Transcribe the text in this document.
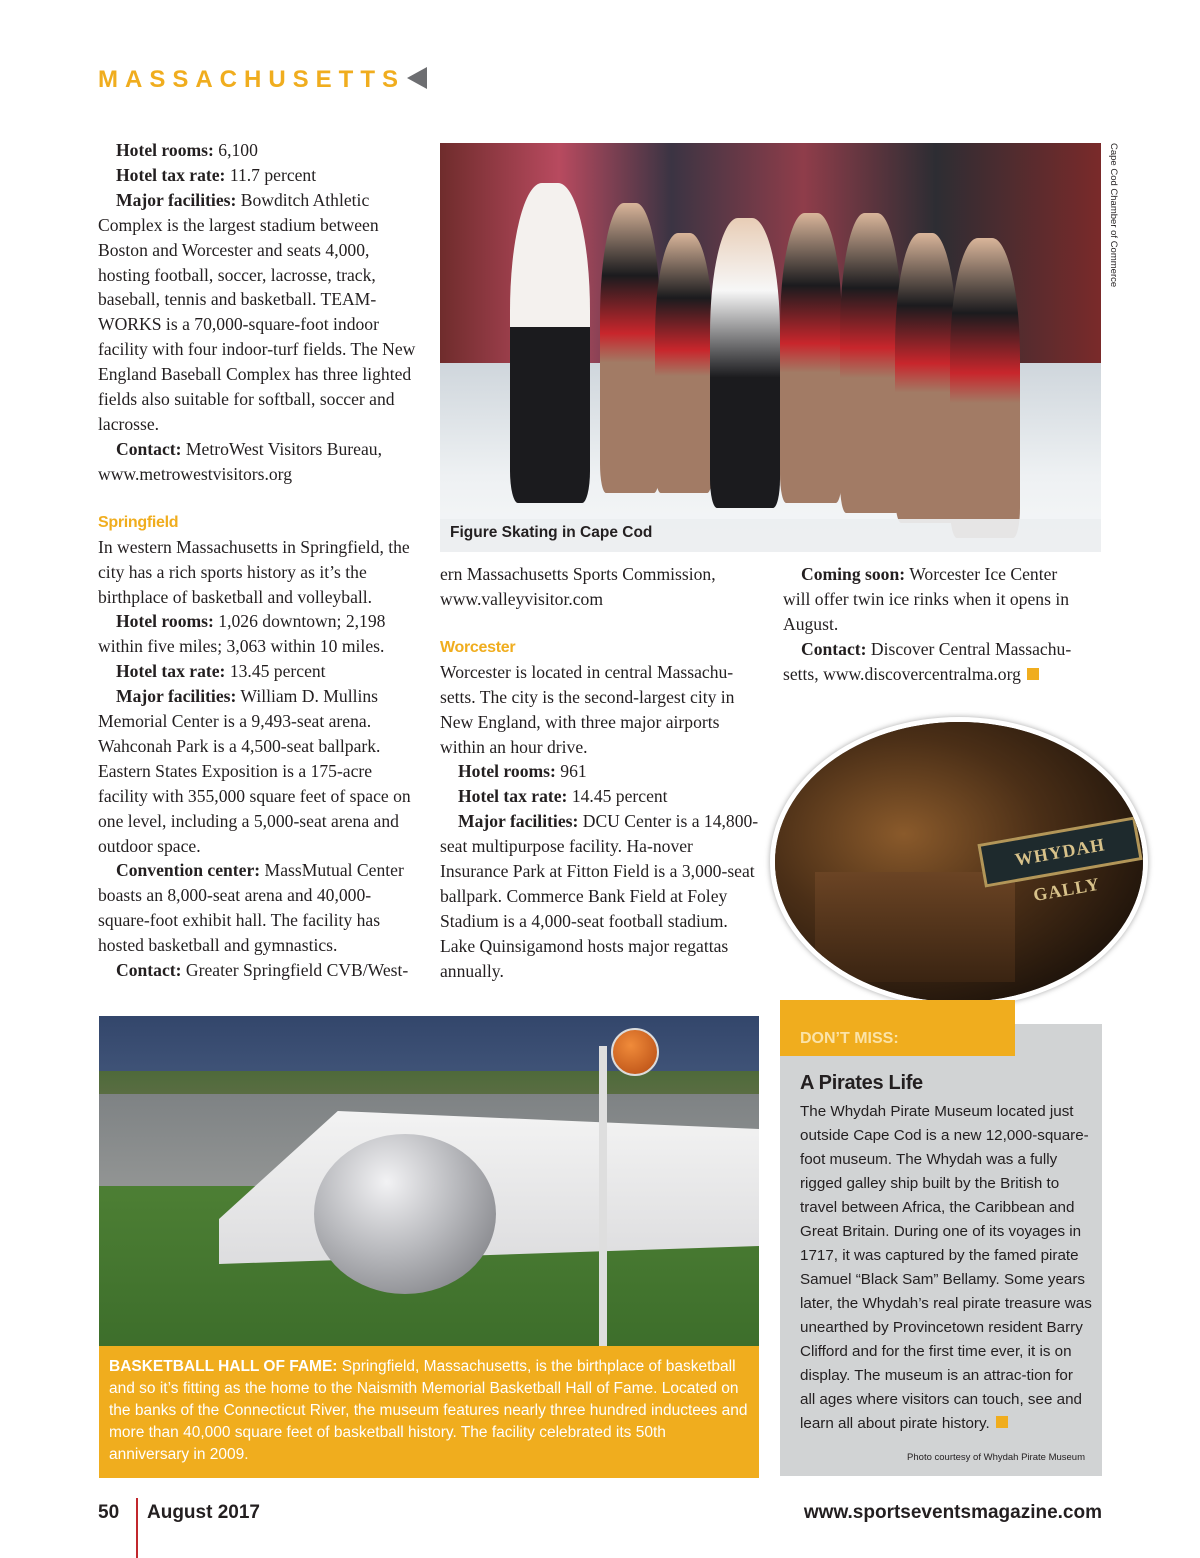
MASSACHUSETTS

Hotel rooms: 6,100

Hotel tax rate: 11.7 percent

Major facilities: Bowditch Athletic Complex is the largest stadium between Boston and Worcester and seats 4,000, hosting football, soccer, lacrosse, track, baseball, tennis and basketball. TEAM-WORKS is a 70,000-square-foot indoor facility with four indoor-turf fields. The New England Baseball Complex has three lighted fields also suitable for softball, soccer and lacrosse.

Contact: MetroWest Visitors Bureau, www.metrowestvisitors.org

Springfield

In western Massachusetts in Springfield, the city has a rich sports history as it’s the birthplace of basketball and volleyball.

Hotel rooms: 1,026 downtown; 2,198 within five miles; 3,063 within 10 miles.

Hotel tax rate: 13.45 percent

Major facilities: William D. Mullins Memorial Center is a 9,493-seat arena. Wahconah Park is a 4,500-seat ballpark. Eastern States Exposition is a 175-acre facility with 355,000 square feet of space on one level, including a 5,000-seat arena and outdoor space.

Convention center: MassMutual Center boasts an 8,000-seat arena and 40,000-square-foot exhibit hall. The facility has hosted basketball and gymnastics.

Contact: Greater Springfield CVB/West-

Figure Skating in Cape Cod
Cape Cod Chamber of Commerce

ern Massachusetts Sports Commission, www.valleyvisitor.com

Worcester

Worcester is located in central Massachu-setts. The city is the second-largest city in New England, with three major airports within an hour drive.

Hotel rooms: 961

Hotel tax rate: 14.45 percent

Major facilities: DCU Center is a 14,800-seat multipurpose facility. Ha-nover Insurance Park at Fitton Field is a 3,000-seat ballpark. Commerce Bank Field at Foley Stadium is a 4,000-seat football stadium. Lake Quinsigamond hosts major regattas annually.

Coming soon: Worcester Ice Center will offer twin ice rinks when it opens in August.

Contact: Discover Central Massachu-setts, www.discovercentralma.org

WHYDAH GALLY
BASKETBALL HALL OF FAME: Springfield, Massachusetts, is the birthplace of basketball and so it’s fitting as the home to the Naismith Memorial Basketball Hall of Fame. Located on the banks of the Connecticut River, the museum features nearly three hundred inductees and more than 40,000 square feet of basketball history. The facility celebrated its 50th anniversary in 2009.
DON’T MISS:
A Pirates Life
The Whydah Pirate Museum located just outside Cape Cod is a new 12,000-square-foot museum. The Whydah was a fully rigged galley ship built by the British to travel between Africa, the Caribbean and Great Britain. During one of its voyages in 1717, it was captured by the famed pirate Samuel “Black Sam” Bellamy. Some years later, the Whydah’s real pirate treasure was unearthed by Provincetown resident Barry Clifford and for the first time ever, it is on display. The museum is an attrac-tion for all ages where visitors can touch, see and learn all about pirate history.
Photo courtesy of Whydah Pirate Museum
50 August 2017	www.sportseventsmagazine.com
